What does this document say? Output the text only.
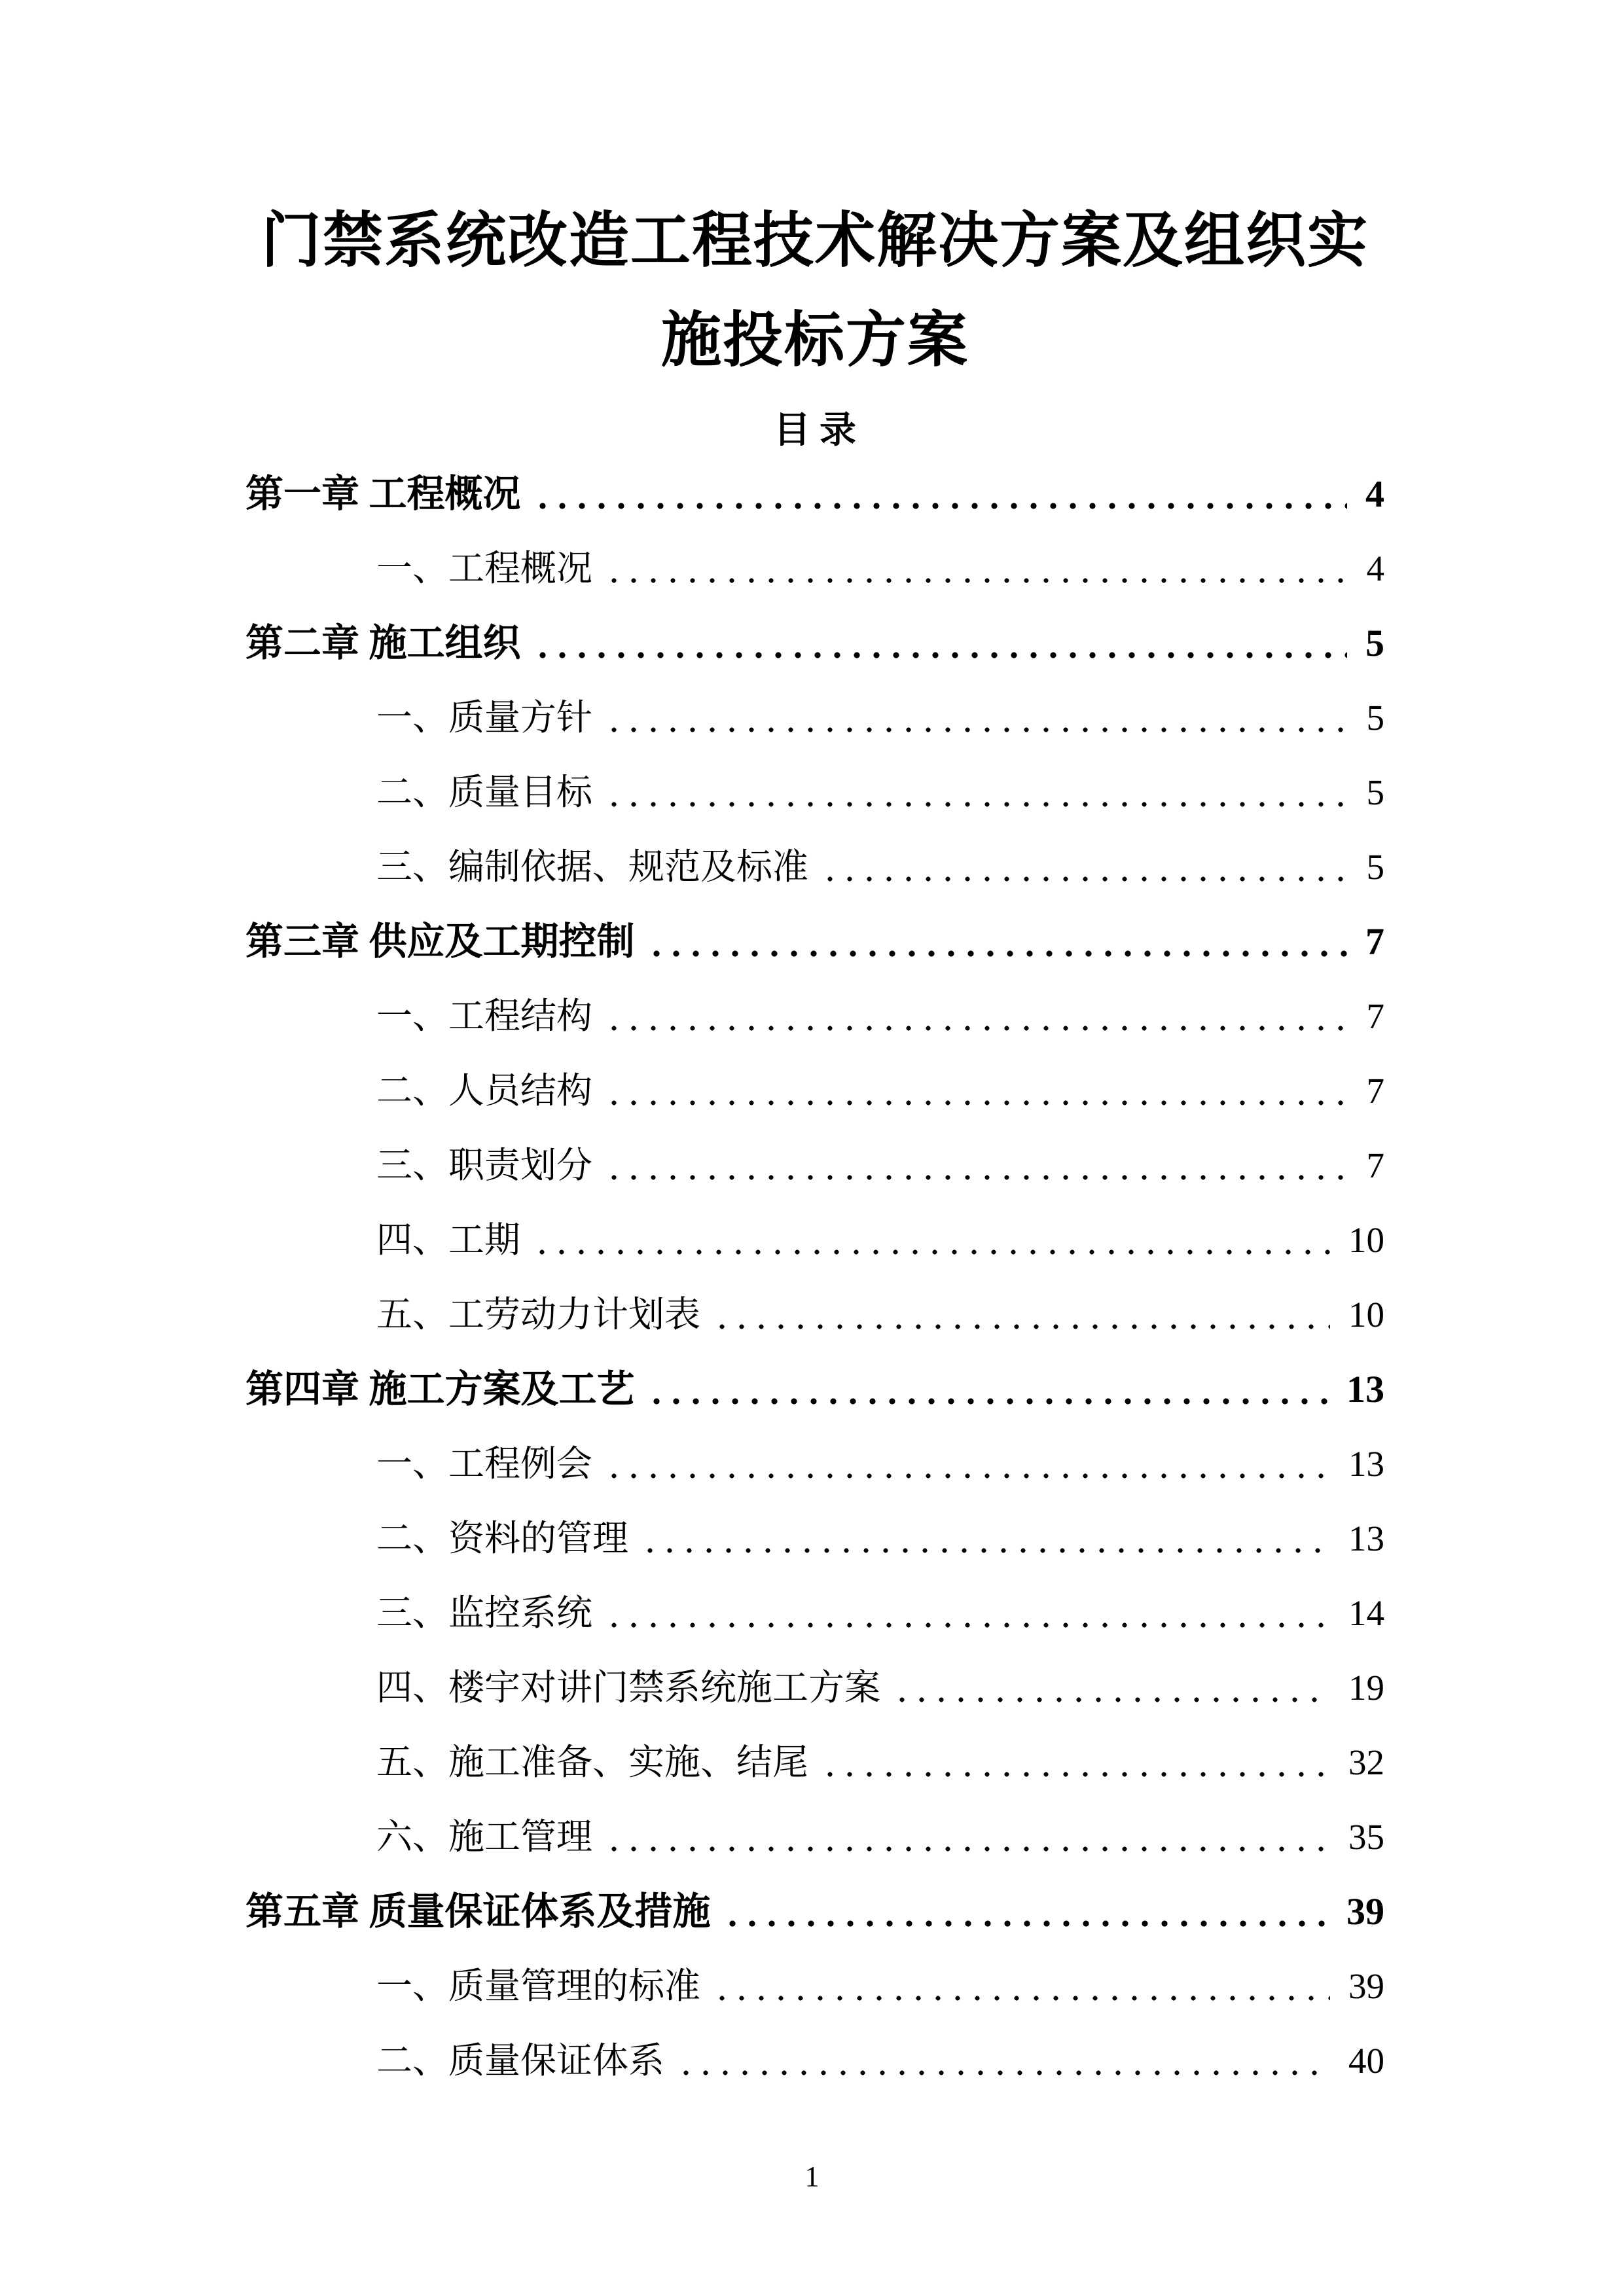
门禁系统改造工程技术解决方案及组织实
施投标方案
目 录
第一章 工程概况	4
一、工程概况	4
第二章 施工组织	5
一、质量方针	5
二、质量目标	5
三、编制依据、规范及标准	5
第三章 供应及工期控制	7
一、工程结构	7
二、人员结构	7
三、职责划分	7
四、工期	10
五、工劳动力计划表	10
第四章 施工方案及工艺	13
一、工程例会	13
二、资料的管理	13
三、监控系统	14
四、楼宇对讲门禁系统施工方案	19
五、施工准备、实施、结尾	32
六、施工管理	35
第五章 质量保证体系及措施	39
一、质量管理的标准	39
二、质量保证体系	40
1
